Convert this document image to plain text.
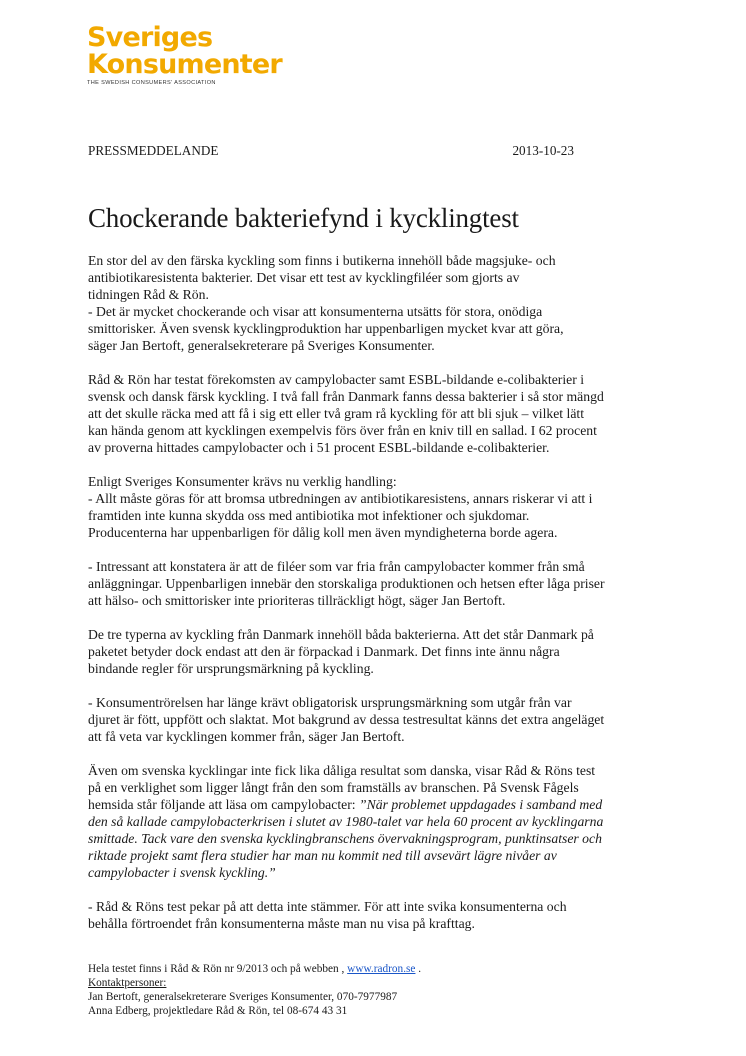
Sveriges
Konsumenter
THE SWEDISH CONSUMERS' ASSOCIATION
PRESSMEDDELANDE	2013-10-23
Chockerande bakteriefynd i kycklingtest

En stor del av den färska kyckling som finns i butikerna innehöll både magsjuke- och
antibiotikaresistenta bakterier. Det visar ett test av kycklingfiléer som gjorts av
tidningen Råd & Rön.
- Det är mycket chockerande och visar att konsumenterna utsätts för stora, onödiga
smittorisker. Även svensk kycklingproduktion har uppenbarligen mycket kvar att göra,
säger Jan Bertoft, generalsekreterare på Sveriges Konsumenter.

Råd & Rön har testat förekomsten av campylobacter samt ESBL-bildande e-colibakterier i
svensk och dansk färsk kyckling. I två fall från Danmark fanns dessa bakterier i så stor mängd
att det skulle räcka med att få i sig ett eller två gram rå kyckling för att bli sjuk – vilket lätt
kan hända genom att kycklingen exempelvis förs över från en kniv till en sallad. I 62 procent
av proverna hittades campylobacter och i 51 procent ESBL-bildande e-colibakterier.

Enligt Sveriges Konsumenter krävs nu verklig handling:
- Allt måste göras för att bromsa utbredningen av antibiotikaresistens, annars riskerar vi att i
framtiden inte kunna skydda oss med antibiotika mot infektioner och sjukdomar.
Producenterna har uppenbarligen för dålig koll men även myndigheterna borde agera.

- Intressant att konstatera är att de filéer som var fria från campylobacter kommer från små
anläggningar. Uppenbarligen innebär den storskaliga produktionen och hetsen efter låga priser
att hälso- och smittorisker inte prioriteras tillräckligt högt, säger Jan Bertoft.

De tre typerna av kyckling från Danmark innehöll båda bakterierna. Att det står Danmark på
paketet betyder dock endast att den är förpackad i Danmark. Det finns inte ännu några
bindande regler för ursprungsmärkning på kyckling.

- Konsumentrörelsen har länge krävt obligatorisk ursprungsmärkning som utgår från var
djuret är fött, uppfött och slaktat. Mot bakgrund av dessa testresultat känns det extra angeläget
att få veta var kycklingen kommer från, säger Jan Bertoft.

Även om svenska kycklingar inte fick lika dåliga resultat som danska, visar Råd & Röns test
på en verklighet som ligger långt från den som framställs av branschen. På Svensk Fågels
hemsida står följande att läsa om campylobacter: ”När problemet uppdagades i samband med
den så kallade campylobacterkrisen i slutet av 1980-talet var hela 60 procent av kycklingarna
smittade. Tack vare den svenska kycklingbranschens övervakningsprogram, punktinsatser och
riktade projekt samt flera studier har man nu kommit ned till avsevärt lägre nivåer av
campylobacter i svensk kyckling.”

- Råd & Röns test pekar på att detta inte stämmer. För att inte svika konsumenterna och
behålla förtroendet från konsumenterna måste man nu visa på krafttag.

Hela testet finns i Råd & Rön nr 9/2013 och på webben , www.radron.se .
Kontaktpersoner:
Jan Bertoft, generalsekreterare Sveriges Konsumenter, 070-7977987
Anna Edberg, projektledare Råd & Rön, tel 08-674 43 31
